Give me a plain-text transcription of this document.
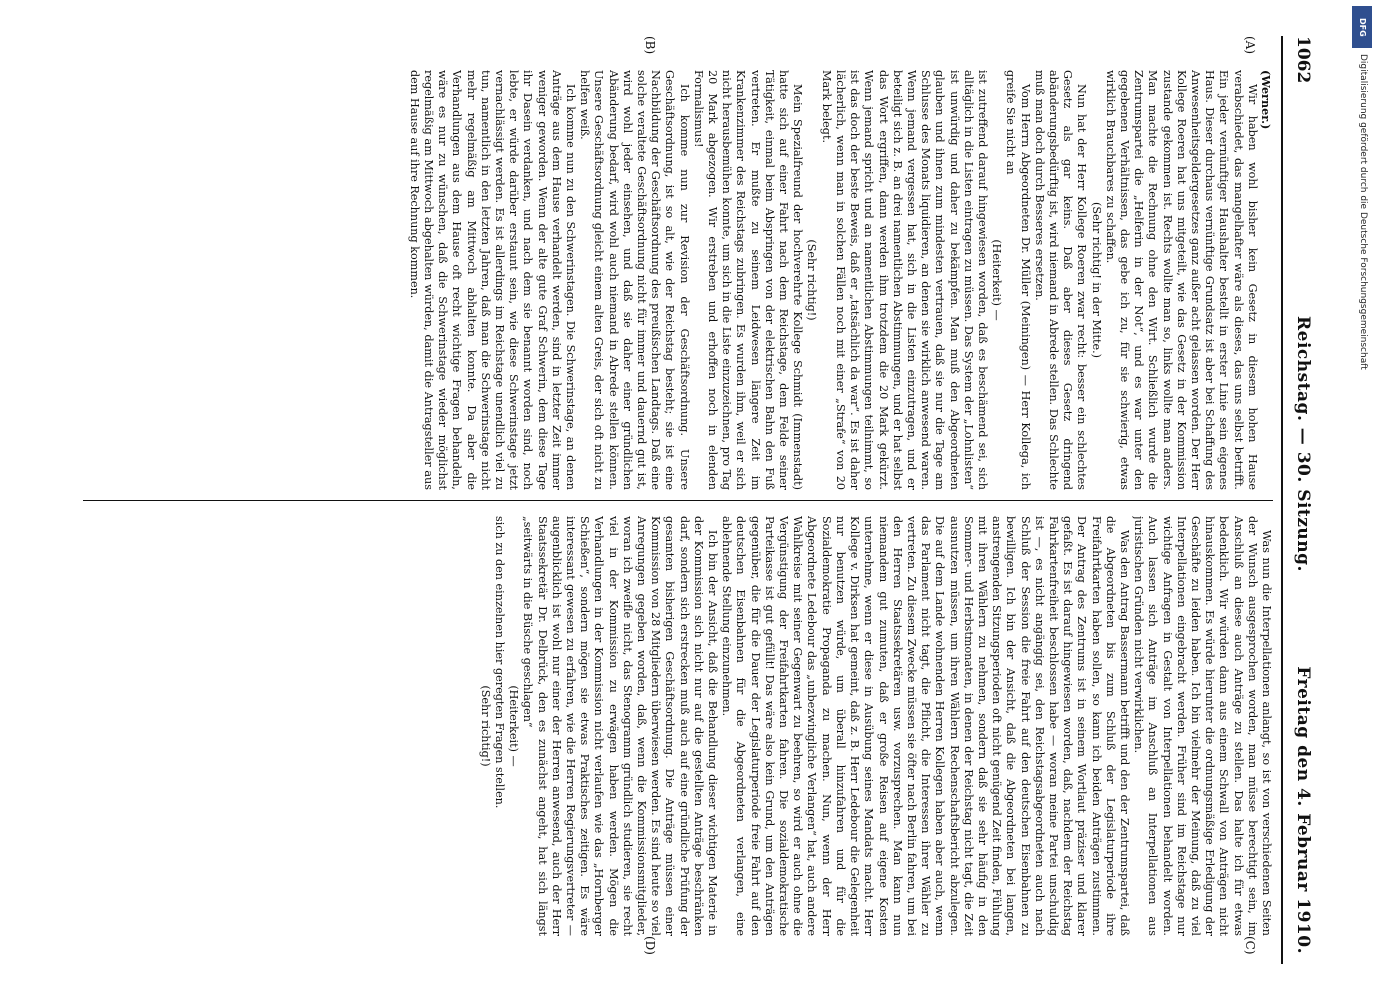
1062
Reichstag. — 30. Sitzung.
Freitag den 4. Februar 1910.
(A)
(B)
(C)
(D)

(Werner.)

Wir haben wohl bisher kein Gesetz in diesem hohen Hause verabschiedet, das mangelhafter wäre als dieses, das uns selbst betrifft. Ein jeder vernünftiger Haushalter bestellt in erster Linie sein eigenes Haus. Dieser durchaus vernünftige Grundsatz ist aber bei Schaffung des Anwesenheitsgeldergesetzes ganz außer acht gelassen worden. Der Herr Kollege Roeren hat uns mitgeteilt, wie das Gesetz in der Kommission zustande gekommen ist. Rechts wollte man so, links wollte man anders. Man machte die Rechnung ohne den Wirt. Schließlich wurde die Zentrumspartei die „Helferin in der Not“, und es war unter den gegebenen Verhältnissen, das gebe ich zu, für sie schwierig, etwas wirklich Brauchbares zu schaffen.

(Sehr richtig! in der Mitte.)

Nun hat der Herr Kollege Roeren zwar recht: besser ein schlechtes Gesetz als gar keins. Daß aber dieses Gesetz dringend abänderungsbedürftig ist, wird niemand in Abrede stellen. Das Schlechte muß man doch durch Besseres ersetzen.

Vom Herrn Abgeordneten Dr. Müller (Meiningen) — Herr Kollega, ich greife Sie nicht an

(Heiterkeit) —

ist zutreffend darauf hingewiesen worden, daß es beschämend sei, sich alltäglich in die Listen eintragen zu müssen. Das System der „Lohnlisten“ ist unwürdig und daher zu bekämpfen. Man muß den Abgeordneten glauben und ihnen zum mindesten vertrauen, daß sie nur die Tage am Schlusse des Monats liquidieren, an denen sie wirklich anwesend waren. Wenn jemand vergessen hat, sich in die Listen einzutragen, und er beteiligt sich z. B. an drei namentlichen Abstimmungen, und er hat selbst das Wort ergriffen, dann werden ihm trotzdem die 20 Mark gekürzt. Wenn jemand spricht und an namentlichen Abstimmungen teilnimmt, so ist das doch der beste Beweis, daß er „tatsächlich da war“. Es ist daher lächerlich, wenn man in solchen Fällen noch mit einer „Strafe“ von 20 Mark belegt.

(Sehr richtig!)

Mein Spezialfreund der hochverehrte Kollege Schmidt (Immenstadt) hatte sich auf einer Fahrt nach dem Reichstage, dem Felde seiner Tätigkeit, einmal beim Abspringen von der elektrischen Bahn den Fuß vertreten. Er mußte zu seinem Leidwesen längere Zeit im Krankenzimmer des Reichstags zubringen. Es wurden ihm, weil er sich nicht herausbemühen konnte, um sich in die Liste einzuzeichnen, pro Tag 20 Mark abgezogen. Wir erstreben und erhoffen noch in elenden Formalismus!

Ich komme nun zur Revision der Geschäftsordnung. Unsere Geschäftsordnung, ist so alt, wie der Reichstag besteht; sie ist eine Nachbildung der Geschäftsordnung des preußischen Landtags. Daß eine solche veraltete Geschäftsordnung nicht für immer und dauernd gut ist, wird wohl jeder einsehen, und daß sie daher einer gründlichen Abänderung bedarf, wird wohl auch niemand in Abrede stellen können. Unsere Geschäftsordnung gleicht einem alten Greis, der sich oft nicht zu helfen weiß.

Ich komme nun zu den Schwerinstagen. Die Schwerinstage, an denen Anträge aus dem Hause verhandelt werden, sind in letzter Zeit immer weniger geworden. Wenn der alte gute Graf Schwerin, dem diese Tage ihr Dasein verdanken, und nach dem sie benannt worden sind, noch lebte, er würde darüber erstaunt sein, wie diese Schwerinstage jetzt vernachlässigt werden. Es ist allerdings im Reichstage unendlich viel zu tun, namentlich in den letzten Jahren, daß man die Schwerinstage nicht mehr regelmäßig am Mittwoch abhalten konnte. Da aber die Verhandlungen aus dem Hause oft recht wichtige Fragen behandeln, wäre es nur zu wünschen, daß die Schwerinstage wieder möglichst regelmäßig am Mittwoch abgehalten würden, damit die Antragsteller aus dem Hause auf ihre Rechnung kommen.

Was nun die Interpellationen anlangt, so ist von verschiedenen Seiten der Wunsch ausgesprochen worden, man müsse berechtigt sein, im Anschluß an diese auch Anträge zu stellen. Das halte ich für etwas bedenklich. Wir würden dann aus einem Schwall von Anträgen nicht hinauskommen. Es würde hierunter die ordnungsmäßige Erledigung der Geschäfte zu leiden haben. Ich bin vielmehr der Meinung, daß zu viel Interpellationen eingebracht werden. Früher sind im Reichstage nur wichtige Anfragen in Gestalt von Interpellationen behandelt worden. Auch lassen sich Anträge im Anschluß an Interpellationen aus juristischen Gründen nicht verwirklichen.

Was den Antrag Bassermann betrifft und den der Zentrumspartei, daß die Abgeordneten bis zum Schluß der Legislaturperiode ihre Freifahrtkarten haben sollen, so kann ich beiden Anträgen zustimmen. Der Antrag des Zentrums ist in seinem Wortlaut präziser und klarer gefaßt. Es ist darauf hingewiesen worden, daß, nachdem der Reichstag Fahrkartenfreiheit beschlossen habe — woran meine Partei unschuldig ist —, es nicht angängig sei, den Reichstagsabgeordneten auch nach Schluß der Session die freie Fahrt auf den deutschen Eisenbahnen zu bewilligen. Ich bin der Ansicht, daß die Abgeordneten bei langen, anstrengenden Sitzungsperioden oft nicht genügend Zeit finden, Fühlung mit ihren Wählern zu nehmen, sondern daß sie sehr häufig in den Sommer- und Herbstmonaten, in denen der Reichstag nicht tagt, die Zeit ausnutzen müssen, um ihren Wählern Rechenschaftsbericht abzulegen. Die auf dem Lande wohnenden Herren Kollegen haben aber auch, wenn das Parlament nicht tagt, die Pflicht, die Interessen ihrer Wähler zu vertreten. Zu diesem Zwecke müssen sie öfter nach Berlin fahren, um bei den Herren Staatssekretären usw. vorzusprechen. Man kann nun niemandem gut zumuten, daß er große Reisen auf eigene Kosten unternehme, wenn er diese in Ausübung seines Mandats macht. Herr Kollege v. Dirksen hat gemeint, daß z. B. Herr Ledebour die Gelegenheit nur benutzen würde, um überall hinzufahren und für die Sozialdemokratie Propaganda zu machen. Nun, wenn der Herr Abgeordnete Ledebour das „unbezwingliche Verlangen“ hat, auch andere Wahlkreise mit seiner Gegenwart zu beehren, so wird er auch ohne die Vergünstigung der Freifahrtkarten fahren. Die sozialdemokratische Parteikasse ist gut gefüllt! Das wäre also kein Grund, um den Anträgen gegenüber, die für die Dauer der Legislaturperiode freie Fahrt auf den deutschen Eisenbahnen für die Abgeordneten verlangen, eine ablehnende Stellung einzunehmen.

Ich bin der Ansicht, daß die Behandlung dieser wichtigen Materie in der Kommission sich nicht nur auf die gestellten Anträge beschränken darf, sondern sich erstrecken muß auch auf eine gründliche Prüfung der gesamten bisherigen Geschäftsordnung. Die Anträge müssen einer Kommission von 28 Mitgliedern überwiesen werden. Es sind heute so viel Anregungen gegeben worden, daß, wenn die Kommissionsmitglieder, woran ich zweifle nicht, das Stenogramm gründlich studieren, sie recht viel in der Kommission zu erwägen haben werden. Mögen die Verhandlungen in der Kommission nicht verlaufen wie das „Hornberger Schießen“, sondern mögen sie etwas Praktisches zeitigen. Es wäre interessant gewesen zu erfahren, wie die Herren Regierungsvertreter — augenblicklich ist wohl nur einer der Herren anwesend, auch der Herr Staatssekretär Dr. Delbrück, den es zunächst angeht, hat sich längst „seitwärts in die Büsche geschlagen“

(Heiterkeit) —

sich zu den einzelnen hier geregten Fragen stellen.

(Sehr richtig!)

DFG
Digitalisierung gefördert durch die Deutsche Forschungsgemeinschaft
